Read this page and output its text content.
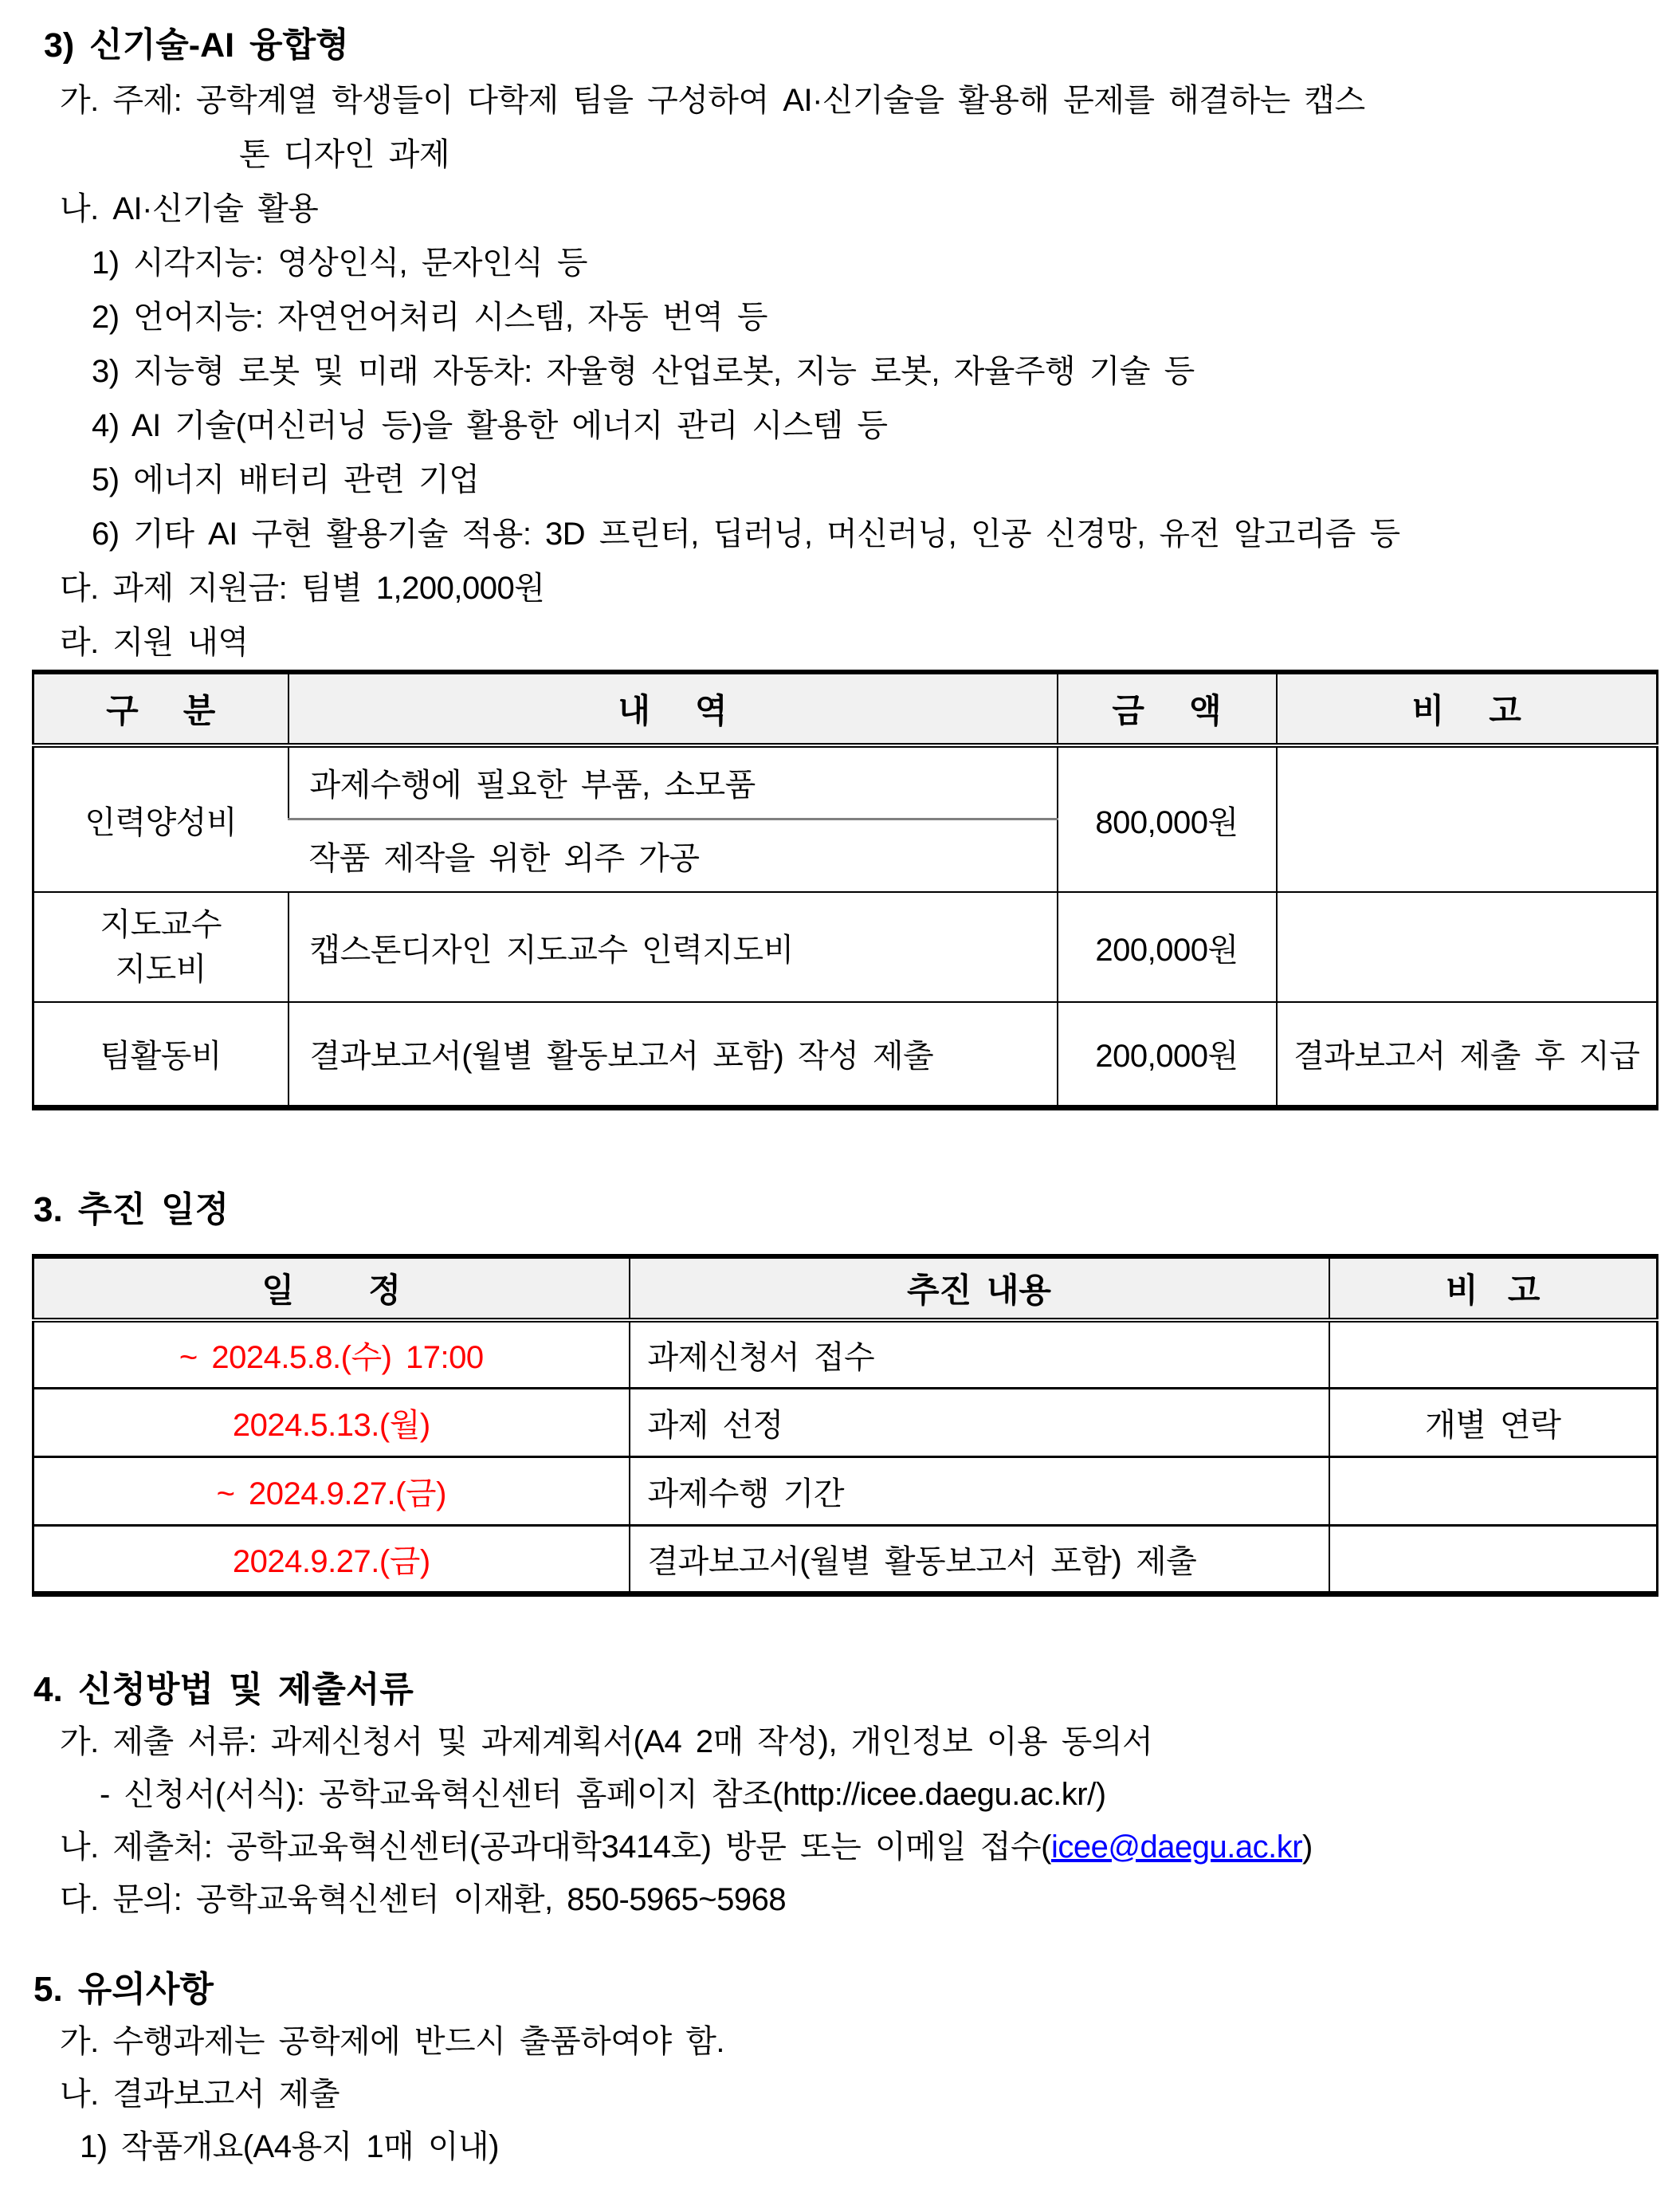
3) 신기술-AI 융합형
가. 주제: 공학계열 학생들이 다학제 팀을 구성하여 AI·신기술을 활용해 문제를 해결하는 캡스
톤 디자인 과제
나. AI·신기술 활용
1) 시각지능: 영상인식, 문자인식 등
2) 언어지능: 자연언어처리 시스템, 자동 번역 등
3) 지능형 로봇 및 미래 자동차: 자율형 산업로봇, 지능 로봇, 자율주행 기술 등
4) AI 기술(머신러닝 등)을 활용한 에너지 관리 시스템 등
5) 에너지 배터리 관련 기업
6) 기타 AI 구현 활용기술 적용: 3D 프린터, 딥러닝, 머신러닝, 인공 신경망, 유전 알고리즘 등
다. 과제 지원금: 팀별 1,200,000원
라. 지원 내역
구   분	내   역	금   액	비   고
인력양성비	과제수행에 필요한 부품, 소모품	800,000원	
	작품 제작을 위한 외주 가공		

지도교수
지도비	캡스톤디자인 지도교수 인력지도비	200,000원	
팀활동비	결과보고서(월별 활동보고서 포함) 작성 제출	200,000원	결과보고서 제출 후 지급
3. 추진 일정
일     정	추진 내용	비  고
~ 2024.5.8.(수) 17:00	과제신청서 접수	
2024.5.13.(월)	과제 선정	개별 연락
~ 2024.9.27.(금)	과제수행 기간	
2024.9.27.(금)	결과보고서(월별 활동보고서 포함) 제출	
4. 신청방법 및 제출서류
가. 제출 서류: 과제신청서 및 과제계획서(A4 2매 작성), 개인정보 이용 동의서
- 신청서(서식): 공학교육혁신센터 홈페이지 참조(http://icee.daegu.ac.kr/)
나. 제출처: 공학교육혁신센터(공과대학3414호) 방문 또는 이메일 접수(icee@daegu.ac.kr)
다. 문의: 공학교육혁신센터 이재환, 850-5965~5968
5. 유의사항
가. 수행과제는 공학제에 반드시 출품하여야 함.
나. 결과보고서 제출
1) 작품개요(A4용지 1매 이내)
